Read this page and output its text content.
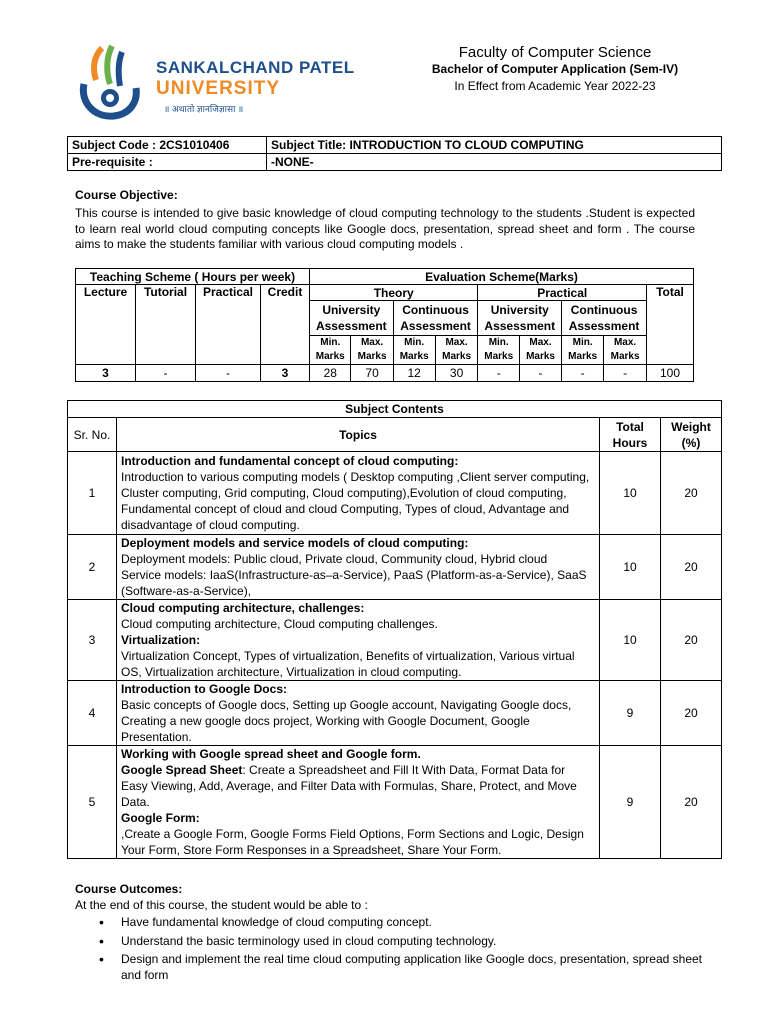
SANKALCHAND PATEL
UNIVERSITY
॥ अथातो ज्ञानजिज्ञासा ॥
Faculty of Computer Science
Bachelor of Computer Application (Sem-IV)
In Effect from Academic Year 2022-23
Subject Code : 2CS1010406	Subject Title: INTRODUCTION TO CLOUD COMPUTING
Pre-requisite :	-NONE-
Course Objective:
This course is intended to give basic knowledge of cloud computing technology to the students .Student is expected to learn real world cloud computing concepts like Google docs, presentation, spread sheet and form . The course aims to make the students familiar with various cloud computing models .
Teaching Scheme ( Hours per week)				Evaluation Scheme(Marks)								
Lecture	Tutorial	Practical	Credit	Theory				Practical				Total
				University Assessment		Continuous Assessment		University Assessment		Continuous Assessment		
				Min. Marks	Max. Marks	Min. Marks	Max. Marks	Min. Marks	Max. Marks	Min. Marks	Max. Marks	
3	-	-	3	28	70	12	30	-	-	-	-	100
Subject Contents			
Sr. No.	Topics	Total Hours	Weight (%)
1	Introduction and fundamental concept of cloud computing:
Introduction to various computing models ( Desktop computing ,Client server computing, Cluster computing, Grid computing, Cloud computing),Evolution of cloud computing, Fundamental concept of cloud and cloud Computing, Types of cloud, Advantage and disadvantage of cloud computing.	10	20
2	Deployment models and service models of cloud computing:
Deployment models: Public cloud, Private cloud, Community cloud, Hybrid cloud
Service models: IaaS(Infrastructure-as–a-Service), PaaS (Platform-as-a-Service), SaaS (Software-as-a-Service),	10	20
3	Cloud computing architecture, challenges:
Cloud computing architecture, Cloud computing challenges.
Virtualization:
Virtualization Concept, Types of virtualization, Benefits of virtualization, Various virtual OS, Virtualization architecture, Virtualization in cloud computing.	10	20
4	Introduction to Google Docs:
Basic concepts of Google docs, Setting up Google account, Navigating Google docs, Creating a new google docs project, Working with Google Document, Google Presentation.	9	20
5	Working with Google spread sheet and Google form.
Google Spread Sheet: Create a Spreadsheet and Fill It With Data, Format Data for Easy Viewing, Add, Average, and Filter Data with Formulas, Share, Protect, and Move Data.
Google Form:
,Create a Google Form, Google Forms Field Options, Form Sections and Logic, Design Your Form, Store Form Responses in a Spreadsheet, Share Your Form.	9	20
Course Outcomes:
At the end of this course, the student would be able to :
• Have fundamental knowledge of cloud computing concept.
• Understand the basic terminology used in cloud computing technology.
• Design and implement the real time cloud computing application like Google docs, presentation, spread sheet and form
